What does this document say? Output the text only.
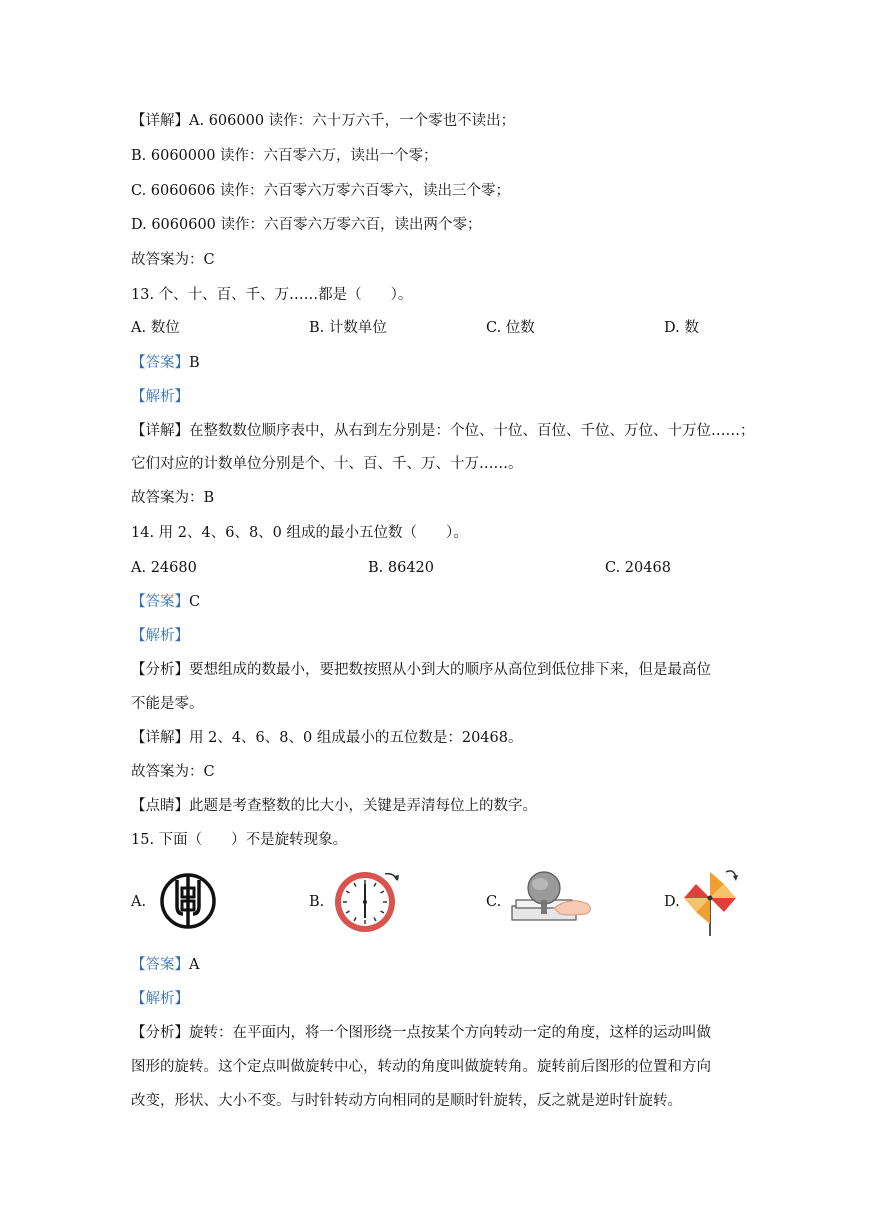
【详解】A. 606000 读作：六十万六千，一个零也不读出；
B. 6060000 读作：六百零六万，读出一个零；
C. 6060606 读作：六百零六万零六百零六，读出三个零；
D. 6060600 读作：六百零六万零六百，读出两个零；
故答案为：C
13. 个、十、百、千、万……都是（　　）。
A. 数位	B. 计数单位	C. 位数	D. 数
【答案】B
【解析】
【详解】在整数数位顺序表中，从右到左分别是：个位、十位、百位、千位、万位、十万位……；
它们对应的计数单位分别是个、十、百、千、万、十万……。
故答案为：B
14. 用 2、4、6、8、0 组成的最小五位数（　　）。
A. 24680	B. 86420	C. 20468
【答案】C
【解析】
【分析】要想组成的数最小，要把数按照从小到大的顺序从高位到低位排下来，但是最高位
不能是零。
【详解】用 2、4、6、8、0 组成最小的五位数是：20468。
故答案为：C
【点睛】此题是考查整数的比大小，关键是弄清每位上的数字。
15. 下面（　　）不是旋转现象。
A.	B.	C.	D.
【答案】A
【解析】
【分析】旋转：在平面内，将一个图形绕一点按某个方向转动一定的角度，这样的运动叫做
图形的旋转。这个定点叫做旋转中心，转动的角度叫做旋转角。旋转前后图形的位置和方向
改变，形状、大小不变。与时针转动方向相同的是顺时针旋转，反之就是逆时针旋转。
